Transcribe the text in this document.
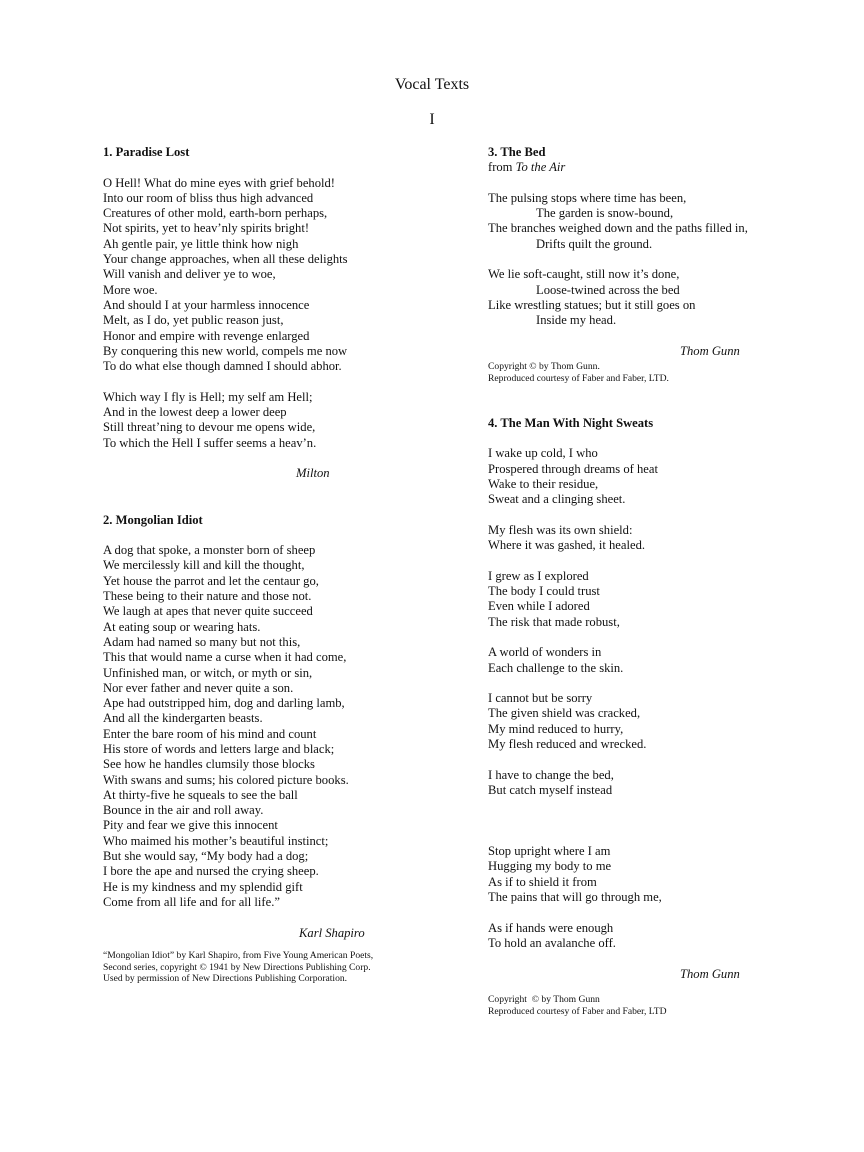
Vocal Texts
I
1. Paradise Lost
O Hell! What do mine eyes with grief behold!
Into our room of bliss thus high advanced
Creatures of other mold, earth-born perhaps,
Not spirits, yet to heav’nly spirits bright!
Ah gentle pair, ye little think how nigh
Your change approaches, when all these delights
Will vanish and deliver ye to woe,
More woe.
And should I at your harmless innocence
Melt, as I do, yet public reason just,
Honor and empire with revenge enlarged
By conquering this new world, compels me now
To do what else though damned I should abhor.
Which way I fly is Hell; my self am Hell;
And in the lowest deep a lower deep
Still threat’ning to devour me opens wide,
To which the Hell I suffer seems a heav’n.
Milton
2. Mongolian Idiot
A dog that spoke, a monster born of sheep
We mercilessly kill and kill the thought,
Yet house the parrot and let the centaur go,
These being to their nature and those not.
We laugh at apes that never quite succeed
At eating soup or wearing hats.
Adam had named so many but not this,
This that would name a curse when it had come,
Unfinished man, or witch, or myth or sin,
Nor ever father and never quite a son.
Ape had outstripped him, dog and darling lamb,
And all the kindergarten beasts.
Enter the bare room of his mind and count
His store of words and letters large and black;
See how he handles clumsily those blocks
With swans and sums; his colored picture books.
At thirty-five he squeals to see the ball
Bounce in the air and roll away.
Pity and fear we give this innocent
Who maimed his mother’s beautiful instinct;
But she would say, “My body had a dog;
I bore the ape and nursed the crying sheep.
He is my kindness and my splendid gift
Come from all life and for all life.”
Karl Shapiro
“Mongolian Idiot” by Karl Shapiro, from Five Young American Poets,
Second series, copyright © 1941 by New Directions Publishing Corp.
Used by permission of New Directions Publishing Corporation.
3. The Bed
from To the Air
The pulsing stops where time has been,
The garden is snow-bound,
The branches weighed down and the paths filled in,
Drifts quilt the ground.
We lie soft-caught, still now it’s done,
Loose-twined across the bed
Like wrestling statues; but it still goes on
Inside my head.
Thom Gunn
Copyright © by Thom Gunn.
Reproduced courtesy of Faber and Faber, LTD.
4. The Man With Night Sweats
I wake up cold, I who
Prospered through dreams of heat
Wake to their residue,
Sweat and a clinging sheet.
My flesh was its own shield:
Where it was gashed, it healed.
I grew as I explored
The body I could trust
Even while I adored
The risk that made robust,
A world of wonders in
Each challenge to the skin.
I cannot but be sorry
The given shield was cracked,
My mind reduced to hurry,
My flesh reduced and wrecked.
I have to change the bed,
But catch myself instead
Stop upright where I am
Hugging my body to me
As if to shield it from
The pains that will go through me,
As if hands were enough
To hold an avalanche off.
Thom Gunn
Copyright  © by Thom Gunn
Reproduced courtesy of Faber and Faber, LTD
